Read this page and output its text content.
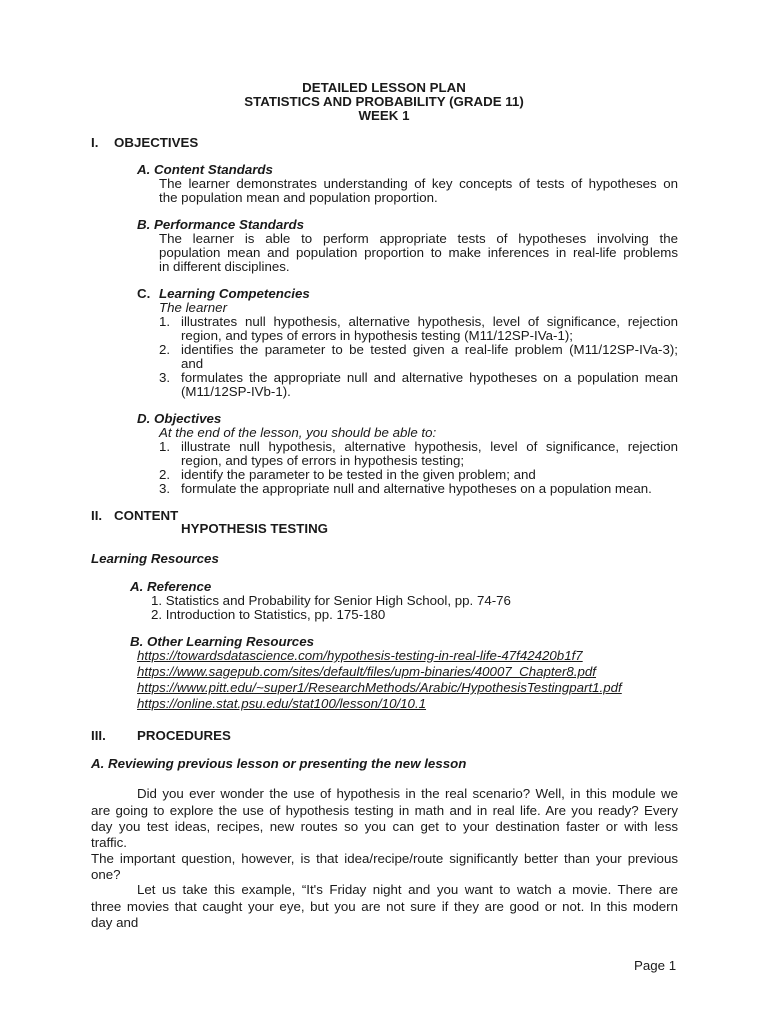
DETAILED LESSON PLAN
STATISTICS AND PROBABILITY (GRADE 11)
WEEK 1
I. OBJECTIVES
A. Content Standards
The learner demonstrates understanding of key concepts of tests of hypotheses on
the population mean and population proportion.
B. Performance Standards
The learner is able to perform appropriate tests of hypotheses involving the
population mean and population proportion to make inferences in real-life problems
in different disciplines.
C. Learning Competencies
The learner
1. illustrates null hypothesis, alternative hypothesis, level of significance, rejection
region, and types of errors in hypothesis testing (M11/12SP-IVa-1);
2. identifies the parameter to be tested given a real-life problem (M11/12SP-IVa-3);
and
3. formulates the appropriate null and alternative hypotheses on a population mean
(M11/12SP-IVb-1).
D. Objectives
At the end of the lesson, you should be able to:
1. illustrate null hypothesis, alternative hypothesis, level of significance, rejection
region, and types of errors in hypothesis testing;
2. identify the parameter to be tested in the given problem; and
3. formulate the appropriate null and alternative hypotheses on a population mean.
II. CONTENT
HYPOTHESIS TESTING
Learning Resources
A. Reference
1. Statistics and Probability for Senior High School, pp. 74-76
2. Introduction to Statistics, pp. 175-180
B. Other Learning Resources
https://towardsdatascience.com/hypothesis-testing-in-real-life-47f42420b1f7
https://www.sagepub.com/sites/default/files/upm-binaries/40007_Chapter8.pdf
https://www.pitt.edu/~super1/ResearchMethods/Arabic/HypothesisTestingpart1.pdf
https://online.stat.psu.edu/stat100/lesson/10/10.1
III. PROCEDURES
A. Reviewing previous lesson or presenting the new lesson
Did you ever wonder the use of hypothesis in the real scenario? Well, in this module we
are going to explore the use of hypothesis testing in math and in real life. Are you ready? Every
day you test ideas, recipes, new routes so you can get to your destination faster or with less
traffic.
The important question, however, is that idea/recipe/route significantly better than your previous
one?
Let us take this example, “It's Friday night and you want to watch a movie. There are
three movies that caught your eye, but you are not sure if they are good or not. In this modern
day and
Page 1
